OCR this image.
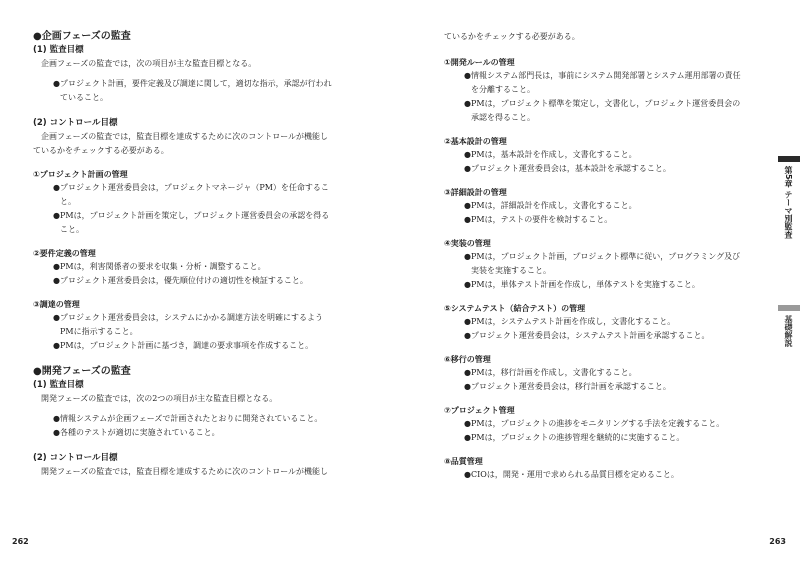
●企画フェーズの監査

(1) 監査目標

企画フェーズの監査では，次の項目が主な監査目標となる。

● プロジェクト計画，要件定義及び調達に関して，適切な指示，承認が行われ
ていること。

(2) コントロール目標

企画フェーズの監査では，監査目標を達成するために次のコントロールが機能し

ているかをチェックする必要がある。

①プロジェクト計画の管理

● プロジェクト運営委員会は，プロジェクトマネージャ（PM）を任命するこ
と。

● PMは，プロジェクト計画を策定し，プロジェクト運営委員会の承認を得る
こと。

②要件定義の管理

● PMは，利害関係者の要求を収集・分析・調整すること。

● プロジェクト運営委員会は，優先順位付けの適切性を検証すること。

③調達の管理

● プロジェクト運営委員会は，システムにかかる調達方法を明確にするよう
PMに指示すること。

● PMは，プロジェクト計画に基づき，調達の要求事項を作成すること。

●開発フェーズの監査

(1) 監査目標

開発フェーズの監査では，次の2つの項目が主な監査目標となる。

● 情報システムが企画フェーズで計画されたとおりに開発されていること。

● 各種のテストが適切に実施されていること。

(2) コントロール目標

開発フェーズの監査では，監査目標を達成するために次のコントロールが機能し

262

ているかをチェックする必要がある。

①開発ルールの管理

● 情報システム部門長は，事前にシステム開発部署とシステム運用部署の責任
を分離すること。

● PMは，プロジェクト標準を策定し，文書化し，プロジェクト運営委員会の
承認を得ること。

②基本設計の管理

● PMは，基本設計を作成し，文書化すること。

● プロジェクト運営委員会は，基本設計を承認すること。

③詳細設計の管理

● PMは，詳細設計を作成し，文書化すること。

● PMは，テストの要件を検討すること。

④実装の管理

● PMは，プロジェクト計画，プロジェクト標準に従い，プログラミング及び
実装を実施すること。

● PMは，単体テスト計画を作成し，単体テストを実施すること。

⑤システムテスト（結合テスト）の管理

● PMは，システムテスト計画を作成し，文書化すること。

● プロジェクト運営委員会は，システムテスト計画を承認すること。

⑥移行の管理

● PMは，移行計画を作成し，文書化すること。

● プロジェクト運営委員会は，移行計画を承認すること。

⑦プロジェクト管理

● PMは，プロジェクトの進捗をモニタリングする手法を定義すること。

● PMは，プロジェクトの進捗管理を継続的に実施すること。

⑧品質管理

● CIOは，開発・運用で求められる品質目標を定めること。

第5章 テーマ別監査
基礎解説
263
